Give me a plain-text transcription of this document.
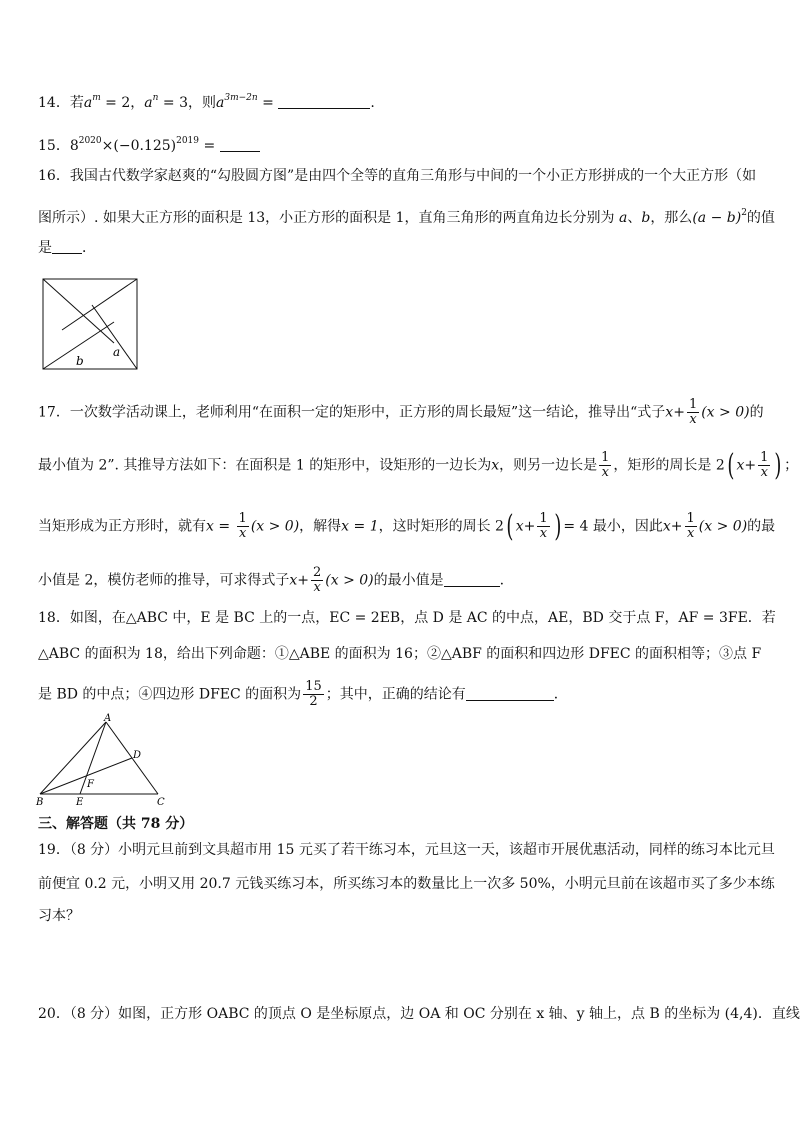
14．若$a^m = 2$，$a^n = 3$，则$a^{3m-2n}$ =	.
15．$8^{2020}\times(-0.125)^{2019}$ =
16．我国古代数学家赵爽的“勾股圆方图”是由四个全等的直角三角形与中间的一个小正方形拼成的一个大正方形（如
图所示）. 如果大正方形的面积是 13，小正方形的面积是 1，直角三角形的两直角边长分别为 a、b，那么$(a - b)^2$的值
是 ．
a
b
17．一次数学活动课上，老师利用“在面积一定的矩形中，正方形的周长最短”这一结论，推导出“式子$x+ \frac{1}{x} (x > 0)$的
最小值为 2”. 其推导方法如下：在面积是 1 的矩形中，设矩形的一边长为x，则另一边长是 $\frac{1}{x}$ ，矩形的周长是 2( $x+ \frac{1}{x}$ ) ；
当矩形成为正方形时，就有$x = \frac{1}{x} (x > 0)$，解得x = 1，这时矩形的周长 2( $x+ \frac{1}{x}$ ) = 4 最小，因此$x+ \frac{1}{x} (x > 0)$的最
小值是 2，模仿老师的推导，可求得式子$x+ \frac{2}{x} (x > 0)$的最小值是	.
18．如图，在△ABC 中，E 是 BC 上的一点，EC = 2EB，点 D 是 AC 的中点，AE，BD 交于点 F，AF = 3FE．若
△ABC 的面积为 18，给出下列命题：①△ABE 的面积为 16；②△ABF 的面积和四边形 DFEC 的面积相等；③点 F
是 BD 的中点；④四边形 DFEC 的面积为 $\frac{15}{2}$ ；其中，正确的结论有	．
A
B	C
D
E
F
三、解答题（共 78 分）
19．（8 分）小明元旦前到文具超市用 15 元买了若干练习本，元旦这一天，该超市开展优惠活动，同样的练习本比元旦
前便宜 0.2 元，小明又用 20.7 元钱买练习本，所买练习本的数量比上一次多 50%，小明元旦前在该超市买了多少本练
习本？
20．（8 分）如图，正方形 OABC 的顶点 O 是坐标原点，边 OA 和 OC 分别在 x 轴、y 轴上，点 B 的坐标为 (4,4)．直线
